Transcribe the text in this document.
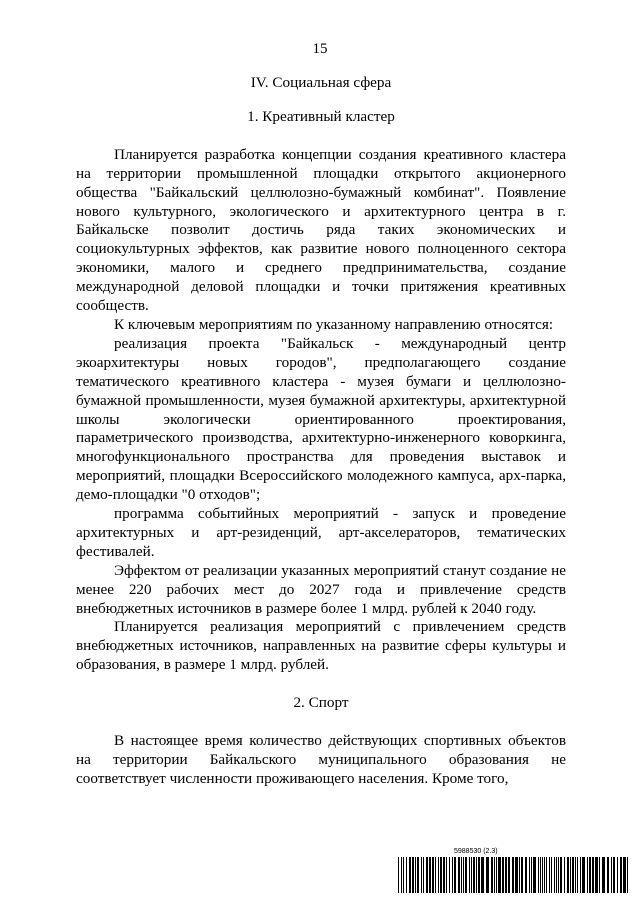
15
IV. Социальная сфера
1. Креативный кластер

Планируется разработка концепции создания креативного кластера на территории промышленной площадки открытого акционерного общества "Байкальский целлюлозно-бумажный комбинат". Появление нового культурного, экологического и архитектурного центра в г. Байкальске позволит достичь ряда таких экономических и социокультурных эффектов, как развитие нового полноценного сектора экономики, малого и среднего предпринимательства, создание международной деловой площадки и точки притяжения креативных сообществ.

К ключевым мероприятиям по указанному направлению относятся:

реализация проекта "Байкальск - международный центр экоархитектуры новых городов", предполагающего создание тематического креативного кластера - музея бумаги и целлюлозно-бумажной промышленности, музея бумажной архитектуры, архитектурной школы экологически ориентированного проектирования, параметрического производства, архитектурно-инженерного коворкинга, многофункционального пространства для проведения выставок и мероприятий, площадки Всероссийского молодежного кампуса, арх-парка, демо-площадки "0 отходов";

программа событийных мероприятий - запуск и проведение архитектурных и арт-резиденций, арт-акселераторов, тематических фестивалей.

Эффектом от реализации указанных мероприятий станут создание не менее 220 рабочих мест до 2027 года и привлечение средств внебюджетных источников в размере более 1 млрд. рублей к 2040 году.

Планируется реализация мероприятий с привлечением средств внебюджетных источников, направленных на развитие сферы культуры и образования, в размере 1 млрд. рублей.

2. Спорт

В настоящее время количество действующих спортивных объектов на территории Байкальского муниципального образования не соответствует численности проживающего населения. Кроме того,

5988530 (2.3)
